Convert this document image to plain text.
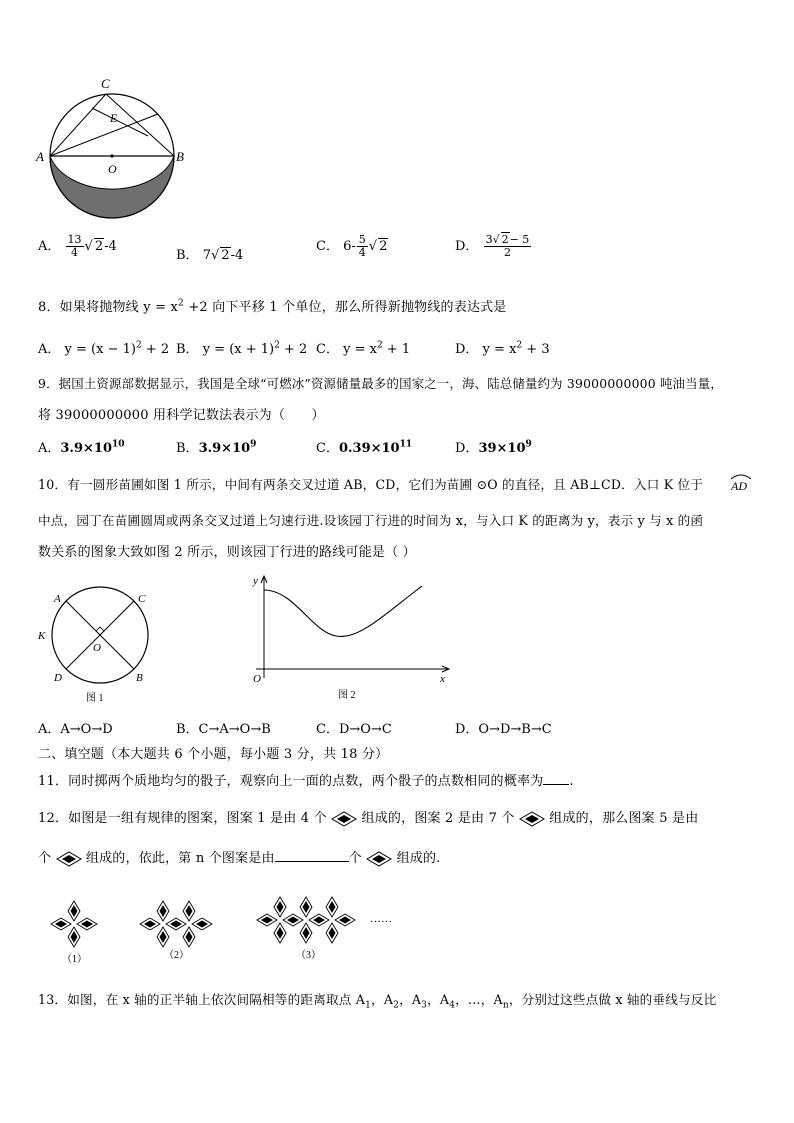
C
E
A
O
B
A． $\frac{13}{4}$ √ 2-4
B． 7√ 2-4
C． $6- \frac{5}{4}$ √ 2	D． $\frac{3√ 2- 5}{2}$
8．如果将抛物线 $y = x^2 +2$ 向下平移 1 个单位，那么所得新抛物线的表达式是
A． $y = (x - 1)^2 + 2$ B． $y = (x + 1)^2 + 2$ C． $y = x^2 + 1$	D． $y = x^2 + 3$
9．据国土资源部数据显示，我国是全球“可燃冰”资源储量最多的国家之一，海、陆总储量约为 39000000000 吨油当量，
将 39000000000 用科学记数法表示为（　　）
A．$3.9\times 10^{10}$	B．$3.9\times 10^9$	C．$0.39\times 10^{11}$	D．$39\times 10^9$
10．有一圆形苗圃如图 1 所示，中间有两条交叉过道 AB，CD，它们为苗圃 ⊙O 的直径，且 AB⊥CD．入口 K 位于 AD
中点，园丁在苗圃圆周或两条交叉过道上匀速行进.设该园丁行进的时间为 x，与入口 K 的距离为 y，表示 y 与 x 的函
数关系的图象大致如图 2 所示，则该园丁行进的路线可能是（ ）
A	C
K
O
D	B
图 1
y
O	x
图 2
A．A→O→D	B．C→A→O→B	C．D→O→C	D．O→D→B→C
二、填空题（本大题共 6 个小题，每小题 3 分，共 18 分）
11．同时掷两个质地均匀的骰子，观察向上一面的点数，两个骰子的点数相同的概率为 .
12．如图是一组有规律的图案，图案 1 是由 4 个	组成的，图案 2 是由 7 个	组成的，那么图案 5 是由
个	组成的，依此，第 n 个图案是由	个	组成的.
（1）	（2）	（3）
……
13．如图，在 x 轴的正半轴上依次间隔相等的距离取点 $A_1$，$A_2$，$A_3$，$A_4$，…，$A_n$，分别过这些点做 x 轴的垂线与反比
